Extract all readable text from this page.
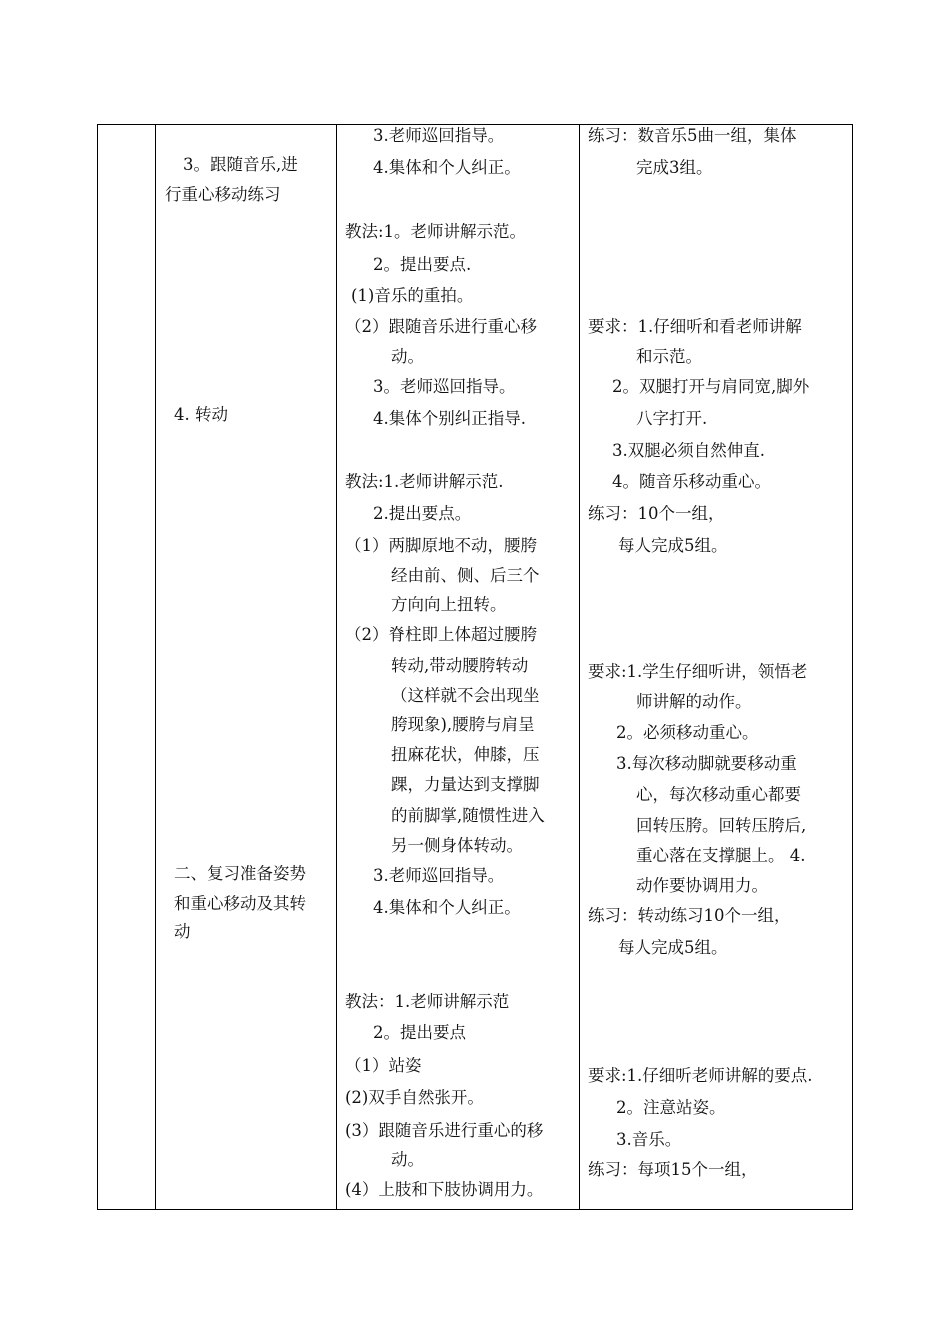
3。跟随音乐,进
行重心移动练习
4. 转动
二、复习准备姿势
和重心移动及其转
动
3.老师巡回指导。
4.集体和个人纠正。
教法:1。老师讲解示范。
2。提出要点.
(1)音乐的重拍。
（2）跟随音乐进行重心移
动。
3。老师巡回指导。
4.集体个别纠正指导.
教法:1.老师讲解示范.
2.提出要点。
（1）两脚原地不动，腰胯
经由前、侧、后三个
方向向上扭转。
（2）脊柱即上体超过腰胯
转动,带动腰胯转动
（这样就不会出现坐
胯现象),腰胯与肩呈
扭麻花状，伸膝，压
踝，力量达到支撑脚
的前脚掌,随惯性进入
另一侧身体转动。
3.老师巡回指导。
4.集体和个人纠正。
教法：1.老师讲解示范
2。提出要点
（1）站姿
(2)双手自然张开。
(3）跟随音乐进行重心的移
动。
(4）上肢和下肢协调用力。
练习：数音乐5曲一组，集体
完成3组。
要求：1.仔细听和看老师讲解
和示范。
2。双腿打开与肩同宽,脚外
八字打开.
3.双腿必须自然伸直.
4。随音乐移动重心。
练习：10个一组，
每人完成5组。
要求:1.学生仔细听讲，领悟老
师讲解的动作。
2。必须移动重心。
3.每次移动脚就要移动重
心，每次移动重心都要
回转压胯。回转压胯后,
重心落在支撑腿上。 4.
动作要协调用力。
练习：转动练习10个一组，
每人完成5组。
要求:1.仔细听老师讲解的要点.
2。注意站姿。
3.音乐。
练习：每项15个一组，
